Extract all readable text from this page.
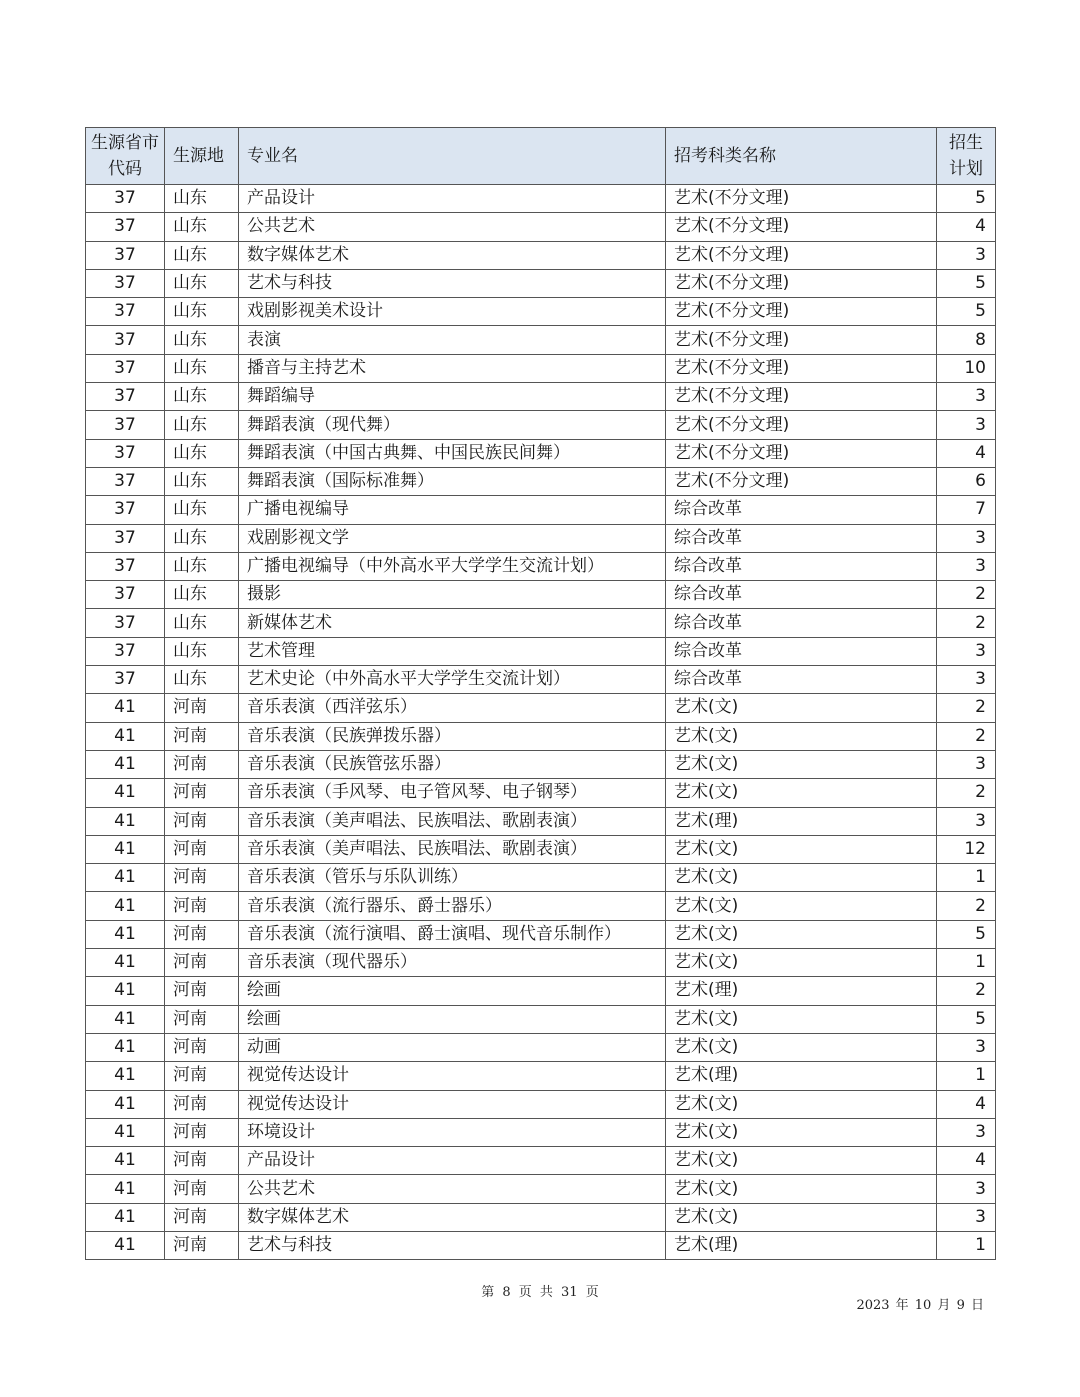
生源省市代码	生源地	专业名	招考科类名称	招生计划
37	山东	产品设计	艺术(不分文理)	5
37	山东	公共艺术	艺术(不分文理)	4
37	山东	数字媒体艺术	艺术(不分文理)	3
37	山东	艺术与科技	艺术(不分文理)	5
37	山东	戏剧影视美术设计	艺术(不分文理)	5
37	山东	表演	艺术(不分文理)	8
37	山东	播音与主持艺术	艺术(不分文理)	10
37	山东	舞蹈编导	艺术(不分文理)	3
37	山东	舞蹈表演（现代舞）	艺术(不分文理)	3
37	山东	舞蹈表演（中国古典舞、中国民族民间舞）	艺术(不分文理)	4
37	山东	舞蹈表演（国际标准舞）	艺术(不分文理)	6
37	山东	广播电视编导	综合改革	7
37	山东	戏剧影视文学	综合改革	3
37	山东	广播电视编导（中外高水平大学学生交流计划）	综合改革	3
37	山东	摄影	综合改革	2
37	山东	新媒体艺术	综合改革	2
37	山东	艺术管理	综合改革	3
37	山东	艺术史论（中外高水平大学学生交流计划）	综合改革	3
41	河南	音乐表演（西洋弦乐）	艺术(文)	2
41	河南	音乐表演（民族弹拨乐器）	艺术(文)	2
41	河南	音乐表演（民族管弦乐器）	艺术(文)	3
41	河南	音乐表演（手风琴、电子管风琴、电子钢琴）	艺术(文)	2
41	河南	音乐表演（美声唱法、民族唱法、歌剧表演）	艺术(理)	3
41	河南	音乐表演（美声唱法、民族唱法、歌剧表演）	艺术(文)	12
41	河南	音乐表演（管乐与乐队训练）	艺术(文)	1
41	河南	音乐表演（流行器乐、爵士器乐）	艺术(文)	2
41	河南	音乐表演（流行演唱、爵士演唱、现代音乐制作）	艺术(文)	5
41	河南	音乐表演（现代器乐）	艺术(文)	1
41	河南	绘画	艺术(理)	2
41	河南	绘画	艺术(文)	5
41	河南	动画	艺术(文)	3
41	河南	视觉传达设计	艺术(理)	1
41	河南	视觉传达设计	艺术(文)	4
41	河南	环境设计	艺术(文)	3
41	河南	产品设计	艺术(文)	4
41	河南	公共艺术	艺术(文)	3
41	河南	数字媒体艺术	艺术(文)	3
41	河南	艺术与科技	艺术(理)	1
第 8 页 共 31 页
2023 年 10 月 9 日
